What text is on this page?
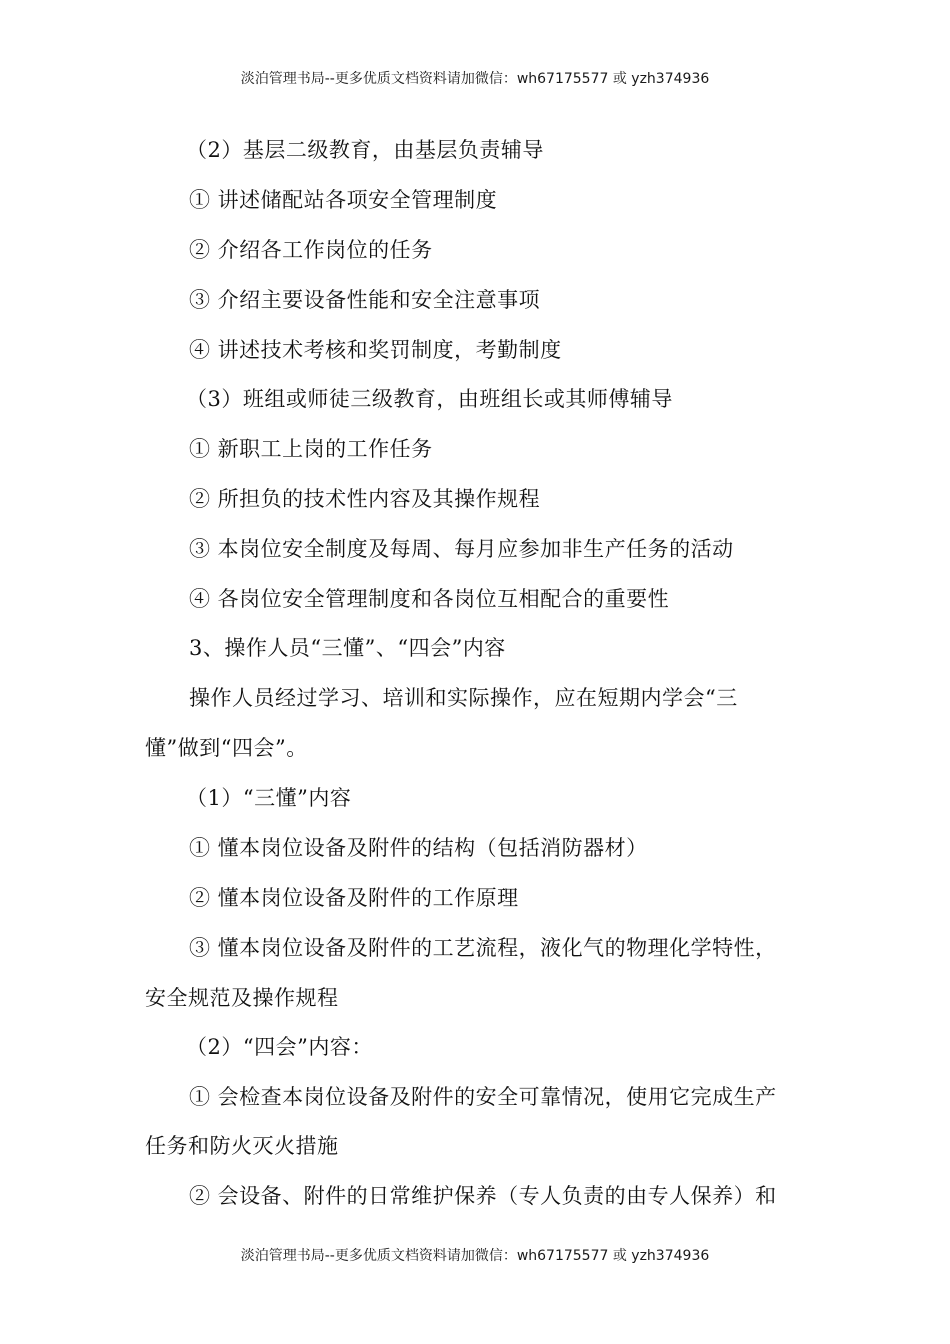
淡泊管理书局--更多优质文档资料请加微信：wh67175577 或 yzh374936
（2）基层二级教育，由基层负责辅导
① 讲述储配站各项安全管理制度
② 介绍各工作岗位的任务
③ 介绍主要设备性能和安全注意事项
④ 讲述技术考核和奖罚制度，考勤制度
（3）班组或师徒三级教育，由班组长或其师傅辅导
① 新职工上岗的工作任务
② 所担负的技术性内容及其操作规程
③ 本岗位安全制度及每周、每月应参加非生产任务的活动
④ 各岗位安全管理制度和各岗位互相配合的重要性
3、操作人员“三懂”、“四会”内容
操作人员经过学习、培训和实际操作，应在短期内学会“三
懂”做到“四会”。
（1）“三懂”内容
① 懂本岗位设备及附件的结构（包括消防器材）
② 懂本岗位设备及附件的工作原理
③ 懂本岗位设备及附件的工艺流程，液化气的物理化学特性，
安全规范及操作规程
（2）“四会”内容：
① 会检查本岗位设备及附件的安全可靠情况，使用它完成生产
任务和防火灭火措施
② 会设备、附件的日常维护保养（专人负责的由专人保养）和
淡泊管理书局--更多优质文档资料请加微信：wh67175577 或 yzh374936
